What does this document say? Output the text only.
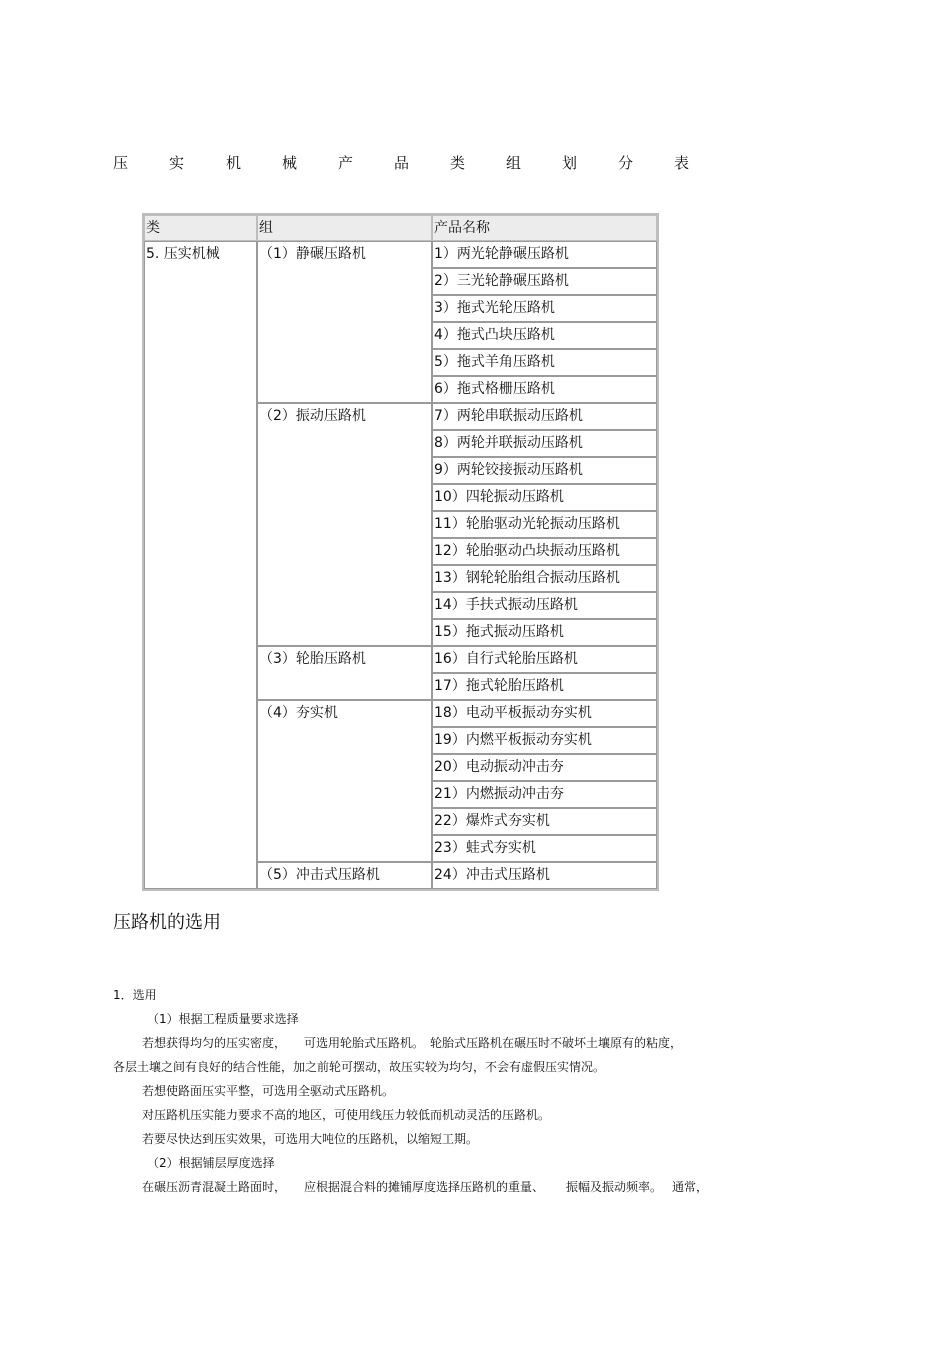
压	实	机	械	产	品	类	组	划	分	表
类	组	产品名称
5. 压实机械	（1）静碾压路机	1）两光轮静碾压路机
		2）三光轮静碾压路机
		3）拖式光轮压路机
		4）拖式凸块压路机
		5）拖式羊角压路机
		6）拖式格栅压路机
	（2）振动压路机	7）两轮串联振动压路机
		8）两轮并联振动压路机
		9）两轮铰接振动压路机
		10）四轮振动压路机
		11）轮胎驱动光轮振动压路机
		12）轮胎驱动凸块振动压路机
		13）钢轮轮胎组合振动压路机
		14）手扶式振动压路机
		15）拖式振动压路机
	（3）轮胎压路机	16）自行式轮胎压路机
		17）拖式轮胎压路机
	（4）夯实机	18）电动平板振动夯实机
		19）内燃平板振动夯实机
		20）电动振动冲击夯
		21）内燃振动冲击夯
		22）爆炸式夯实机
		23）蛙式夯实机
	（5）冲击式压路机	24）冲击式压路机
压路机的选用

1．选用

（1）根据工程质量要求选择

若想获得均匀的压实密度， 可选用轮胎式压路机。 轮胎式压路机在碾压时不破坏土壤原有的粘度，

各层土壤之间有良好的结合性能，加之前轮可摆动，故压实较为均匀，不会有虚假压实情况。

若想使路面压实平整，可选用全驱动式压路机。

对压路机压实能力要求不高的地区，可使用线压力较低而机动灵活的压路机。

若要尽快达到压实效果，可选用大吨位的压路机，以缩短工期。

（2）根据铺层厚度选择

在碾压沥青混凝土路面时， 应根据混合料的摊铺厚度选择压路机的重量、 振幅及振动频率。 通常，
